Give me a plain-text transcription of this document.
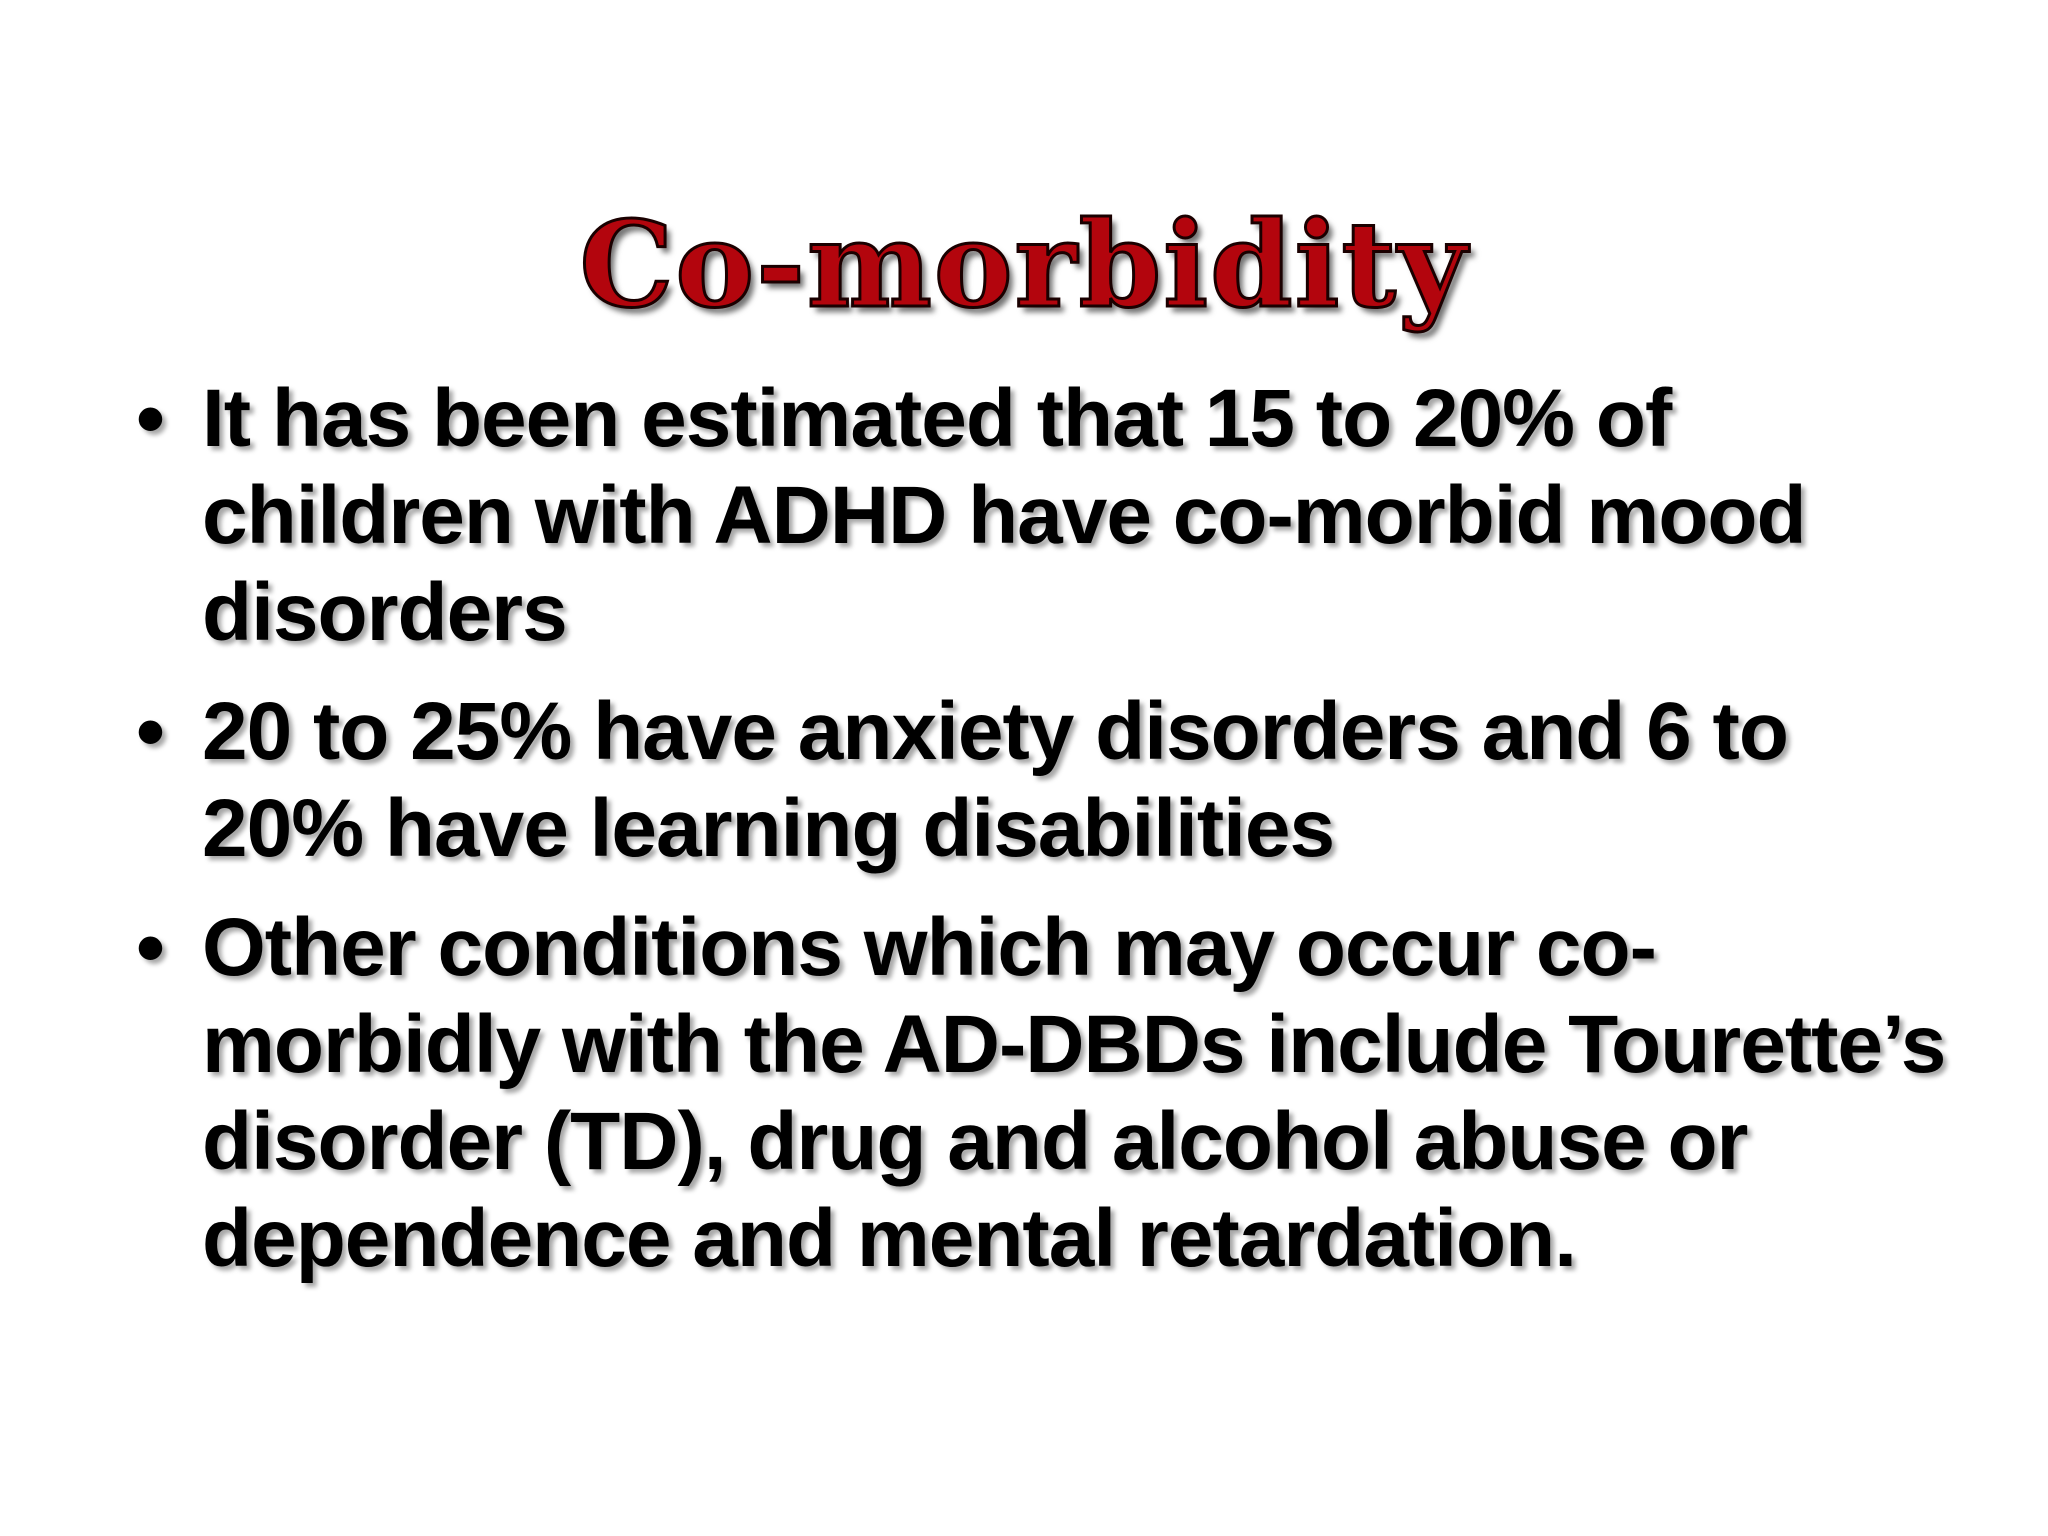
Co-morbidity
• It has been estimated that 15 to 20% of children with ADHD have co-morbid mood disorders
• 20 to 25% have anxiety disorders and 6 to 20% have learning disabilities
• Other conditions which may occur co-morbidly with the AD-DBDs include Tourette’s disorder (TD), drug and alcohol abuse or dependence and mental retardation.
